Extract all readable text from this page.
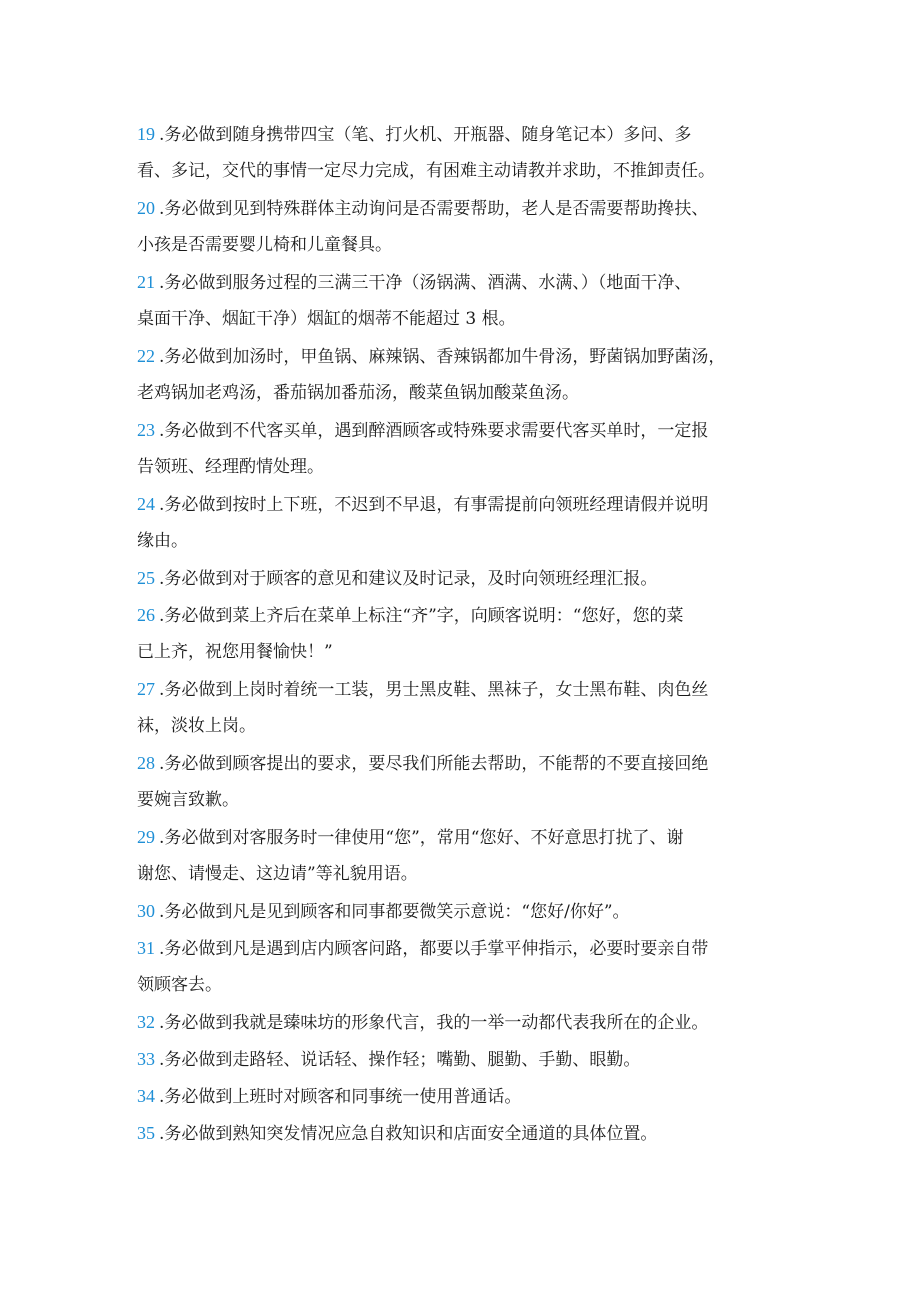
19 .务必做到随身携带四宝（笔、打火机、开瓶器、随身笔记本）多问、多
看、多记，交代的事情一定尽力完成，有困难主动请教并求助，不推卸责任。
20 .务必做到见到特殊群体主动询问是否需要帮助，老人是否需要帮助搀扶、
小孩是否需要婴儿椅和儿童餐具。
21 .务必做到服务过程的三满三干净（汤锅满、酒满、水满、）（地面干净、
桌面干净、烟缸干净）烟缸的烟蒂不能超过 3 根。
22 .务必做到加汤时，甲鱼锅、麻辣锅、香辣锅都加牛骨汤，野菌锅加野菌汤，
老鸡锅加老鸡汤，番茄锅加番茄汤，酸菜鱼锅加酸菜鱼汤。
23 .务必做到不代客买单，遇到醉酒顾客或特殊要求需要代客买单时，一定报
告领班、经理酌情处理。
24 .务必做到按时上下班，不迟到不早退，有事需提前向领班经理请假并说明
缘由。
25 .务必做到对于顾客的意见和建议及时记录，及时向领班经理汇报。
26 .务必做到菜上齐后在菜单上标注“齐”字，向顾客说明：“您好，您的菜
已上齐，祝您用餐愉快！”
27 .务必做到上岗时着统一工装，男士黑皮鞋、黑袜子，女士黑布鞋、肉色丝
袜，淡妆上岗。
28 .务必做到顾客提出的要求，要尽我们所能去帮助，不能帮的不要直接回绝
要婉言致歉。
29 .务必做到对客服务时一律使用“您”，常用“您好、不好意思打扰了、谢
谢您、请慢走、这边请”等礼貌用语。
30 .务必做到凡是见到顾客和同事都要微笑示意说：“您好/你好”。
31 .务必做到凡是遇到店内顾客问路，都要以手掌平伸指示，必要时要亲自带
领顾客去。
32 .务必做到我就是臻味坊的形象代言，我的一举一动都代表我所在的企业。
33 .务必做到走路轻、说话轻、操作轻；嘴勤、腿勤、手勤、眼勤。
34 .务必做到上班时对顾客和同事统一使用普通话。
35 .务必做到熟知突发情况应急自救知识和店面安全通道的具体位置。
